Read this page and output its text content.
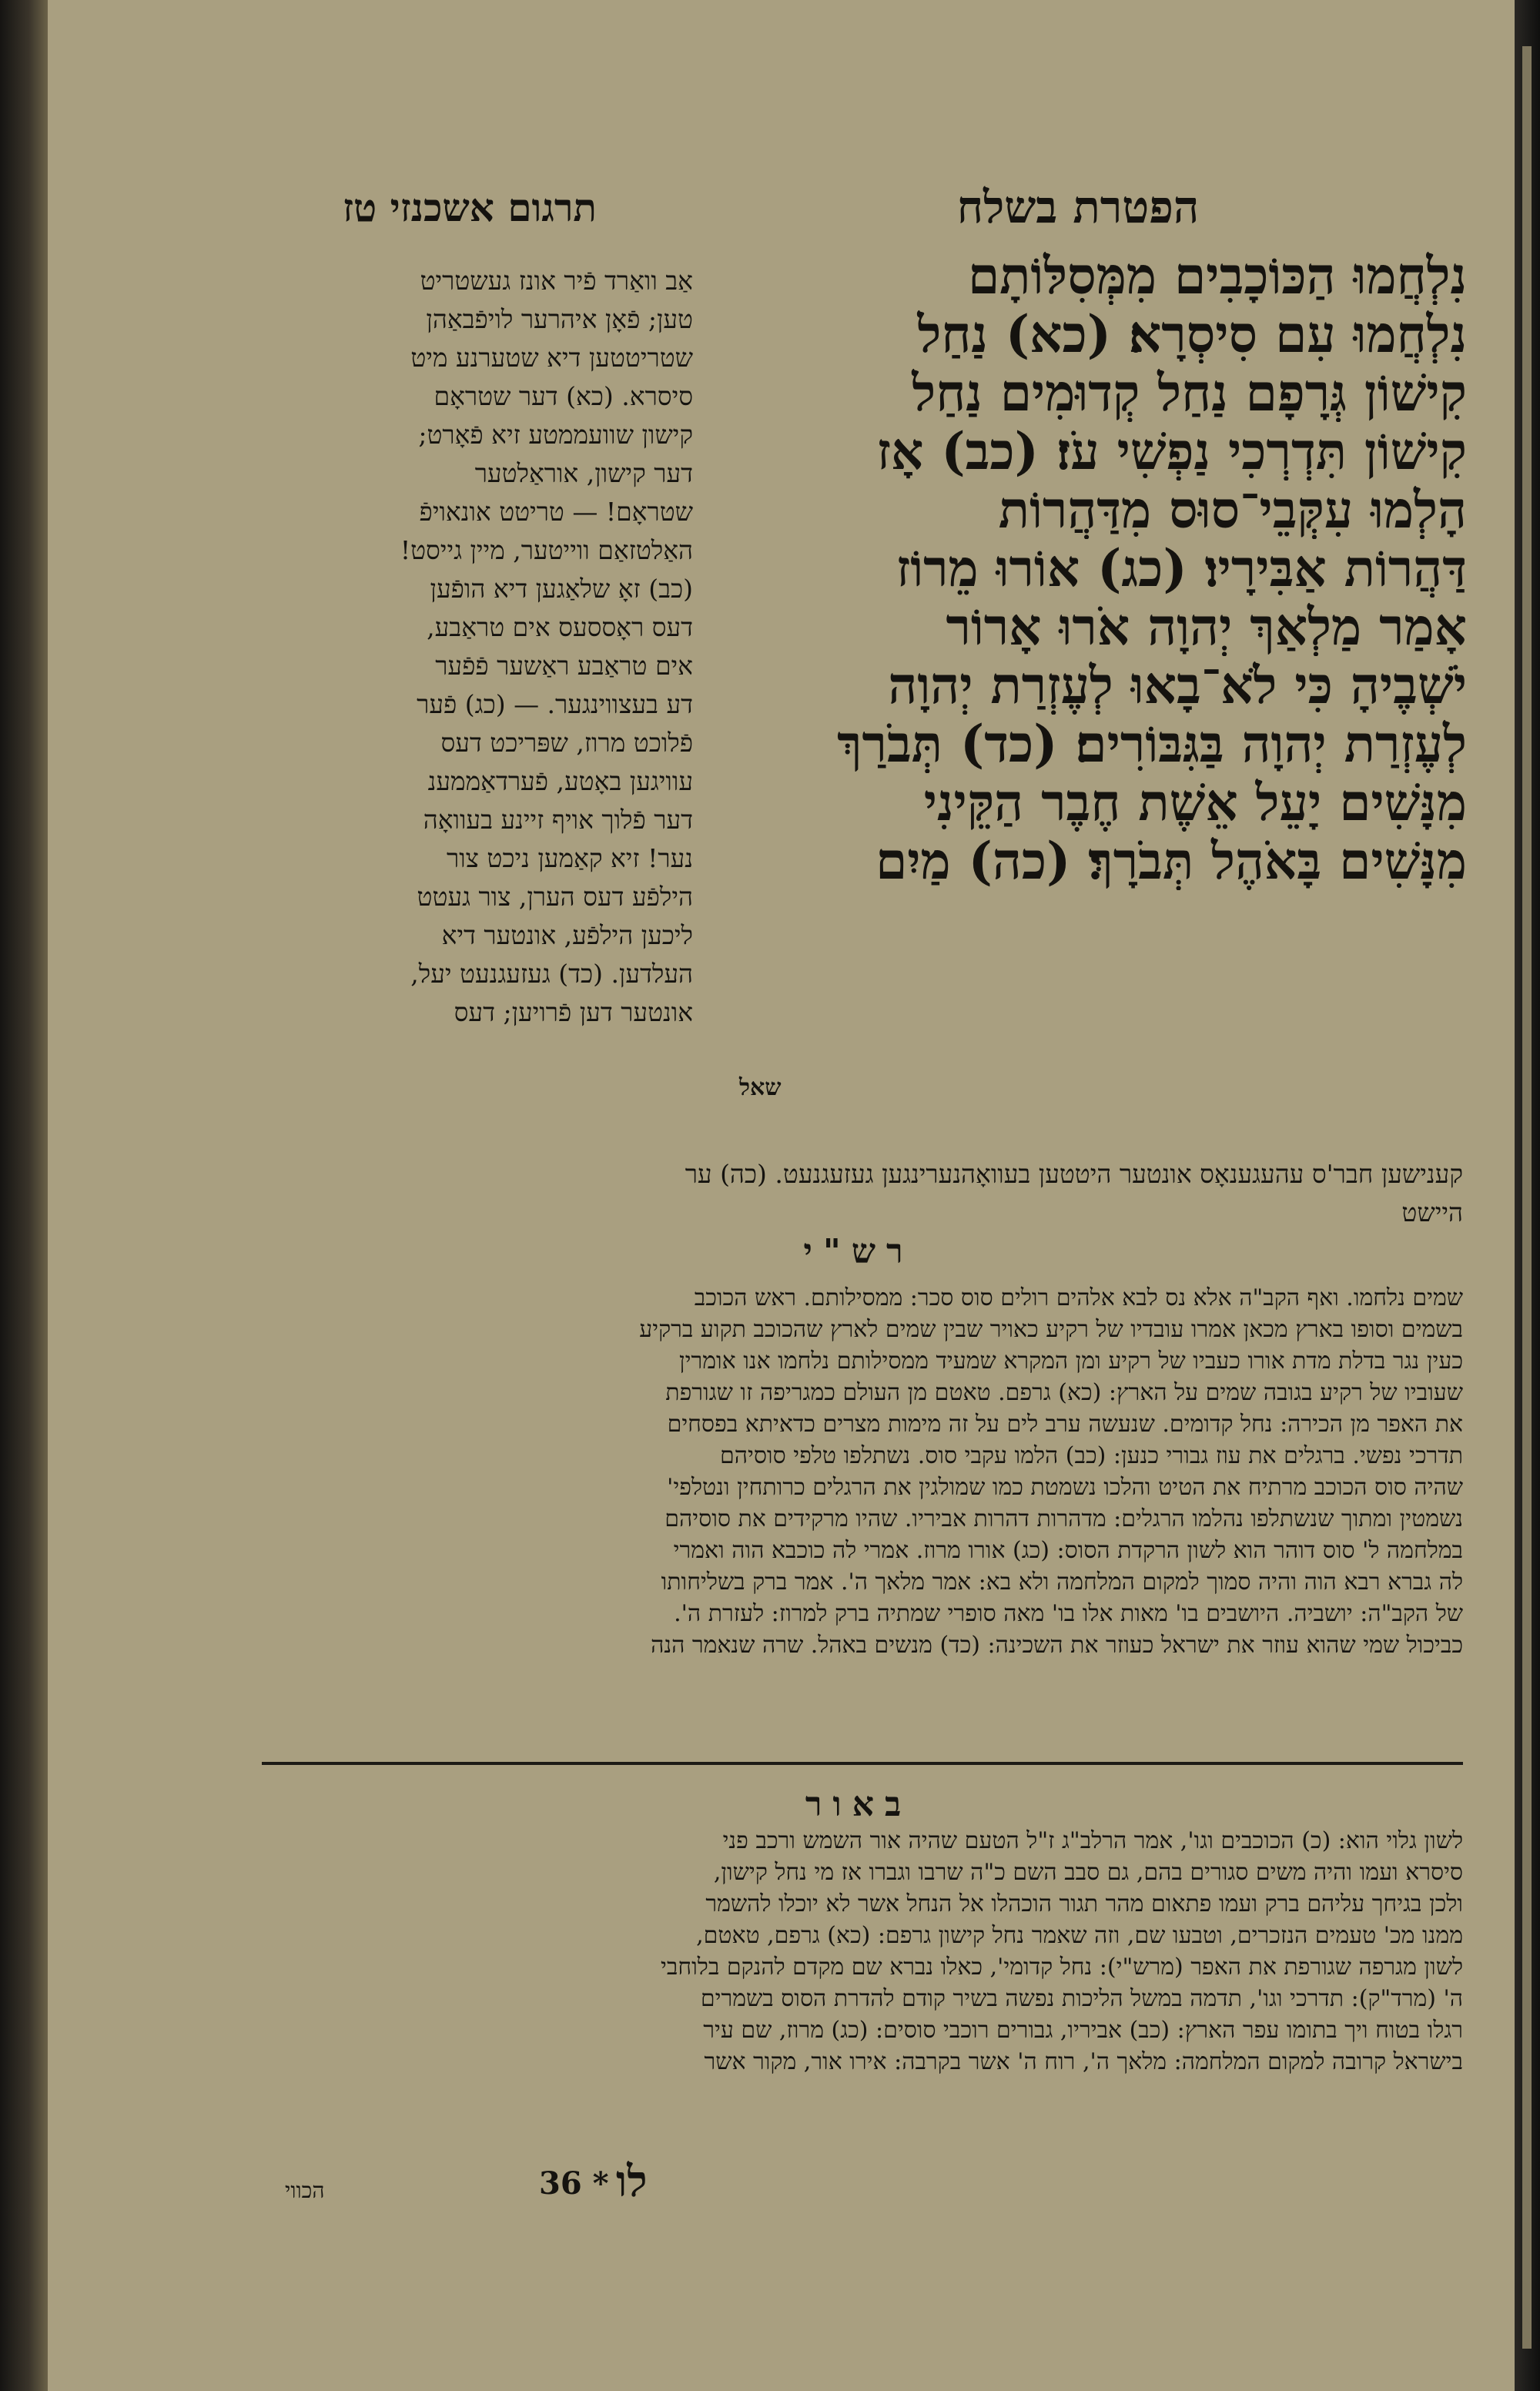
הפטרת בשלח
תרגום אשכנזי טז
נִלְחֲמוּ הַכּוֹכָבִים מִמְּסִלּוֹתָם
נִלְחֲמוּ עִם סִיסְרָא׃ (כא) נַחַל
קִישׁוֹן גְּרָפָם נַחַל קְדוּמִים נַחַל
קִישׁוֹן תִּדְרְכִי נַפְשִׁי עֹז׃ (כב) אָז
הָלְמוּ עִקְּבֵי־סוּס מִדַּהֲרוֹת
דַּהֲרוֹת אַבִּירָיו׃ (כג) אוֹרוּ מֵרוֹז
אָמַר מַלְאַךְ יְהוָה אֹרוּ אָרוֹר
יֹשְׁבֶיהָ כִּי לֹא־בָאוּ לְעֶזְרַת יְהוָה
לְעֶזְרַת יְהוָה בַּגִּבּוֹרִים׃ (כד) תְּבֹרַךְ
מִנָּשִׁים יָעֵל אֵשֶׁת חֶבֶר הַקֵּינִי
מִנָּשִׁים בָּאֹהֶל תְּבֹרָךְ׃ (כה) מַיִם
שאל
אַב וואַרד פֿיר אונז געשטריט
טען; פֿאָן איהרער לויפֿבאַהן
שטריטטען דיא שטערנע מיט
סיסרא. (כא) דער שטראָם
קישון שוועממטע זיא פֿאָרט;
דער קישון, אוראַלטער
שטראָם! — טריטט אונאויפֿ
האַלטזאַם ווייטער, מיין גייסט!
(כב) זאָ שלאַגען דיא הופֿען
דעס ראָססעס אים טראַבע,
אים טראַבע ראַשער פֿפֿער
דע בעצווינגער. — (כג) פֿער
פֿלוכט מרוז, שפּריכט דעס
עוויגען באָטע, פֿערדאַממענ
דער פֿלוך אויף זיינע בעוואָה
נער! זיא קאַמען ניכט צור
הילפֿע דעס הערן, צור געטט
ליכען הילפֿע, אונטער דיא
העלדען. (כד) געזעגנעט יעל,
אונטער דען פֿרויען; דעס
קענישען חבר'ס עהעגענאָס אונטער היטטען בעוואָהנערינגען געזעגנעט. (כה) ער
היישט
רש"י
שמים נלחמו. ואף הקב"ה אלא נס לבא אלהים רולים סוס סכר: ממסילותם. ראש הכוכב
בשמים וסופו בארץ מכאן אמרו עובדיו של רקיע כאויר שבין שמים לארץ שהכוכב תקוע ברקיע
כעין נגר בדלת מדת אורו כעביו של רקיע ומן המקרא שמעיד ממסילותם נלחמו אנו אומרין
שעוביו של רקיע בגובה שמים על הארץ: (כא) גרפם. טאטם מן העולם כמגריפה זו שגורפת
את האפר מן הכירה: נחל קדומים. שנעשה ערב לים על זה מימות מצרים כדאיתא בפסחים
תדרכי נפשי. ברגלים את עוז גבורי כנען: (כב) הלמו עקבי סוס. נשתלפו טלפי סוסיהם
שהיה סוס הכוכב מרתיח את הטיט והלכו נשמטת כמו שמולגין את הרגלים כרותחין ונטלפי'
נשמטין ומתוך שנשתלפו נהלמו הרגלים: מדהרות דהרות אביריו. שהיו מרקידים את סוסיהם
במלחמה ל' סוס דוהר הוא לשון הרקדת הסוס: (כג) אורו מרוז. אמרי לה כוכבא הוה ואמרי
לה גברא רבא הוה והיה סמוך למקום המלחמה ולא בא: אמר מלאך ה'. אמר ברק בשליחותו
של הקב"ה: יושביה. היושבים בו' מאות אלו בו' מאה סופרי שמתיה ברק למרוז: לעזרת ה'.
כביכול שמי שהוא עוזר את ישראל כעוזר את השכינה: (כד) מנשים באהל. שרה שנאמר הנה
באור
לשון גלוי הוא: (כ) הכוכבים וגו', אמר הרלב"ג ז"ל הטעם שהיה אור השמש ורכב פני
סיסרא ועמו והיה משים סגורים בהם, גם סבב השם כ"ה שרבו וגברו אז מי נחל קישון,
ולכן בגיחך עליהם ברק ועמו פתאום מהר תגור הוכהלו אל הנחל אשר לא יוכלו להשמר
ממנו מכ' טעמים הנזכרים, וטבעו שם, וזה שאמר נחל קישון גרפם: (כא) גרפם, טאטם,
לשון מגרפה שגורפת את האפר (מרש"י): נחל קדומי', כאלו נברא שם מקדם להנקם בלוחבי
ה' (מרד"ק): תדרכי וגו', תדמה במשל הליכות נפשה בשיר קודם להדרת הסוס בשמרים
רגלו בטוח ויך בתומו עפר הארץ: (כב) אביריו, גבורים רוכבי סוסים: (כג) מרוז, שם עיר
בישראל קרובה למקום המלחמה: מלאך ה', רוח ה' אשר בקרבה: אירו אור, מקור אשר
הכווי	36 * לו
